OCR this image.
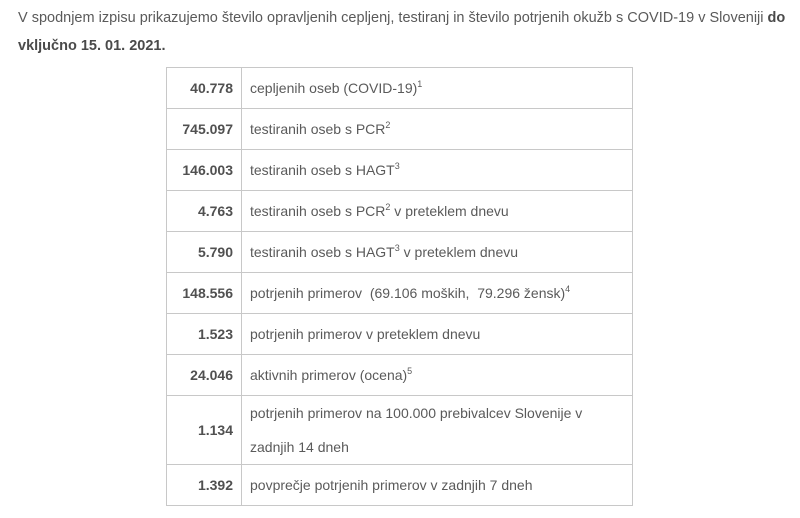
V spodnjem izpisu prikazujemo število opravljenih cepljenj, testiranj in število potrjenih okužb s COVID-19 v Sloveniji do vključno 15. 01. 2021.

40.778	cepljenih oseb (COVID-19)$^1$
745.097	testiranih oseb s PCR$^2$
146.003	testiranih oseb s HAGT$^3$
4.763	testiranih oseb s PCR$^2$ v preteklem dnevu
5.790	testiranih oseb s HAGT$^3$ v preteklem dnevu
148.556	potrjenih primerov  (69.106 moških,  79.296 žensk)$^4$
1.523	potrjenih primerov v preteklem dnevu
24.046	aktivnih primerov (ocena)$^5$
1.134	potrjenih primerov na 100.000 prebivalcev Slovenije v zadnjih 14 dneh
1.392	povprečje potrjenih primerov v zadnjih 7 dneh
